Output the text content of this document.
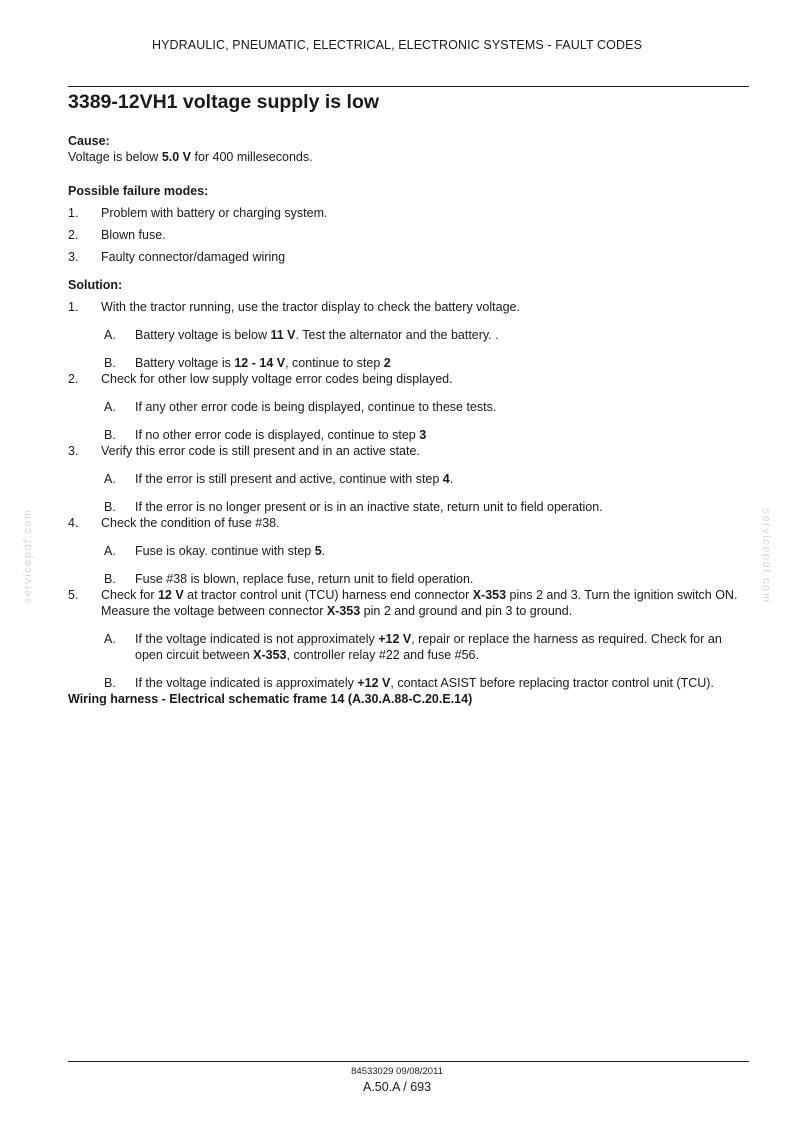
HYDRAULIC, PNEUMATIC, ELECTRICAL, ELECTRONIC SYSTEMS - FAULT CODES
3389-12VH1 voltage supply is low
Cause:
Voltage is below 5.0 V for 400 milleseconds.
Possible failure modes:
1. Problem with battery or charging system.
2. Blown fuse.
3. Faulty connector/damaged wiring
Solution:
1. With the tractor running, use the tractor display to check the battery voltage.
A. Battery voltage is below 11 V. Test the alternator and the battery. .
B. Battery voltage is 12 - 14 V, continue to step 2
2. Check for other low supply voltage error codes being displayed.
A. If any other error code is being displayed, continue to these tests.
B. If no other error code is displayed, continue to step 3
3. Verify this error code is still present and in an active state.
A. If the error is still present and active, continue with step 4.
B. If the error is no longer present or is in an inactive state, return unit to field operation.
4. Check the condition of fuse #38.
A. Fuse is okay. continue with step 5.
B. Fuse #38 is blown, replace fuse, return unit to field operation.
5. Check for 12 V at tractor control unit (TCU) harness end connector X-353 pins 2 and 3. Turn the ignition switch ON. Measure the voltage between connector X-353 pin 2 and ground and pin 3 to ground.
A. If the voltage indicated is not approximately +12 V, repair or replace the harness as required. Check for an open circuit between X-353, controller relay #22 and fuse #56.
B. If the voltage indicated is approximately +12 V, contact ASIST before replacing tractor control unit (TCU).
Wiring harness - Electrical schematic frame 14 (A.30.A.88-C.20.E.14)
servicepdf.com	servicepdf.com
84533029 09/08/2011
A.50.A / 693
